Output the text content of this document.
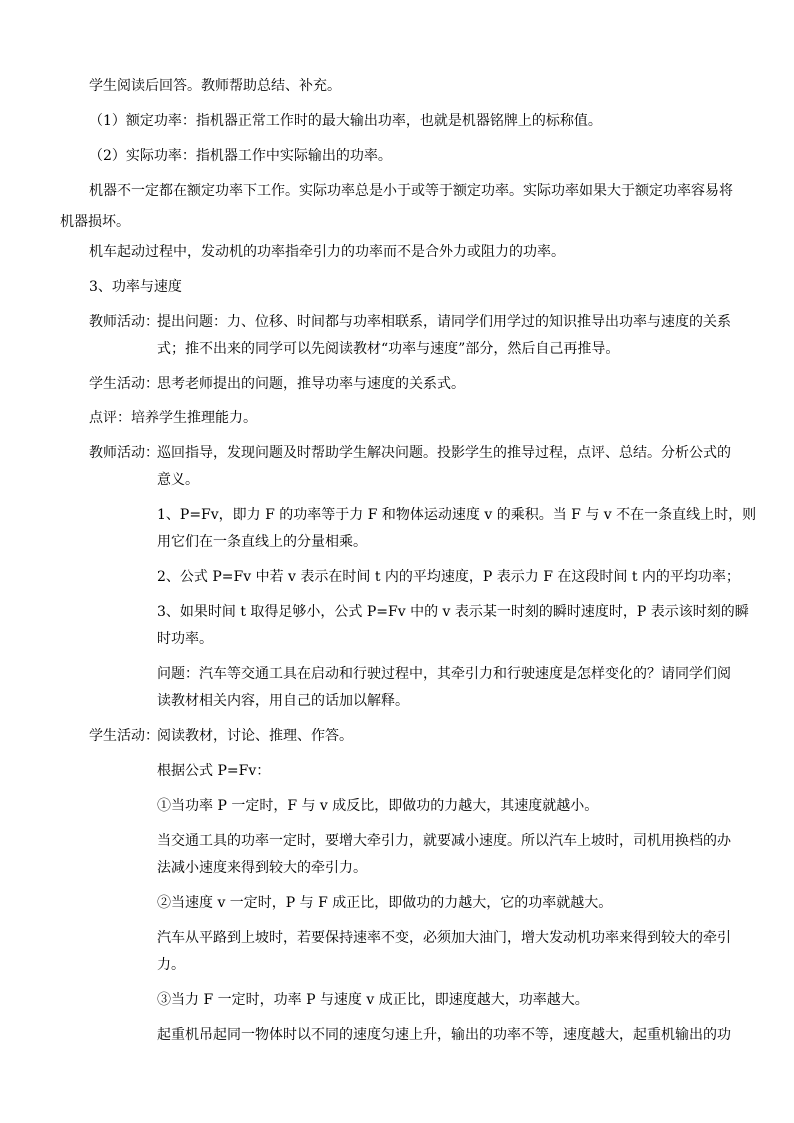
学生阅读后回答。教师帮助总结、补充。

（1）额定功率：指机器正常工作时的最大输出功率，也就是机器铭牌上的标称值。

（2）实际功率：指机器工作中实际输出的功率。

机器不一定都在额定功率下工作。实际功率总是小于或等于额定功率。实际功率如果大于额定功率容易将

机器损坏。

机车起动过程中，发动机的功率指牵引力的功率而不是合外力或阻力的功率。

3、功率与速度

教师活动：

提出问题：力、位移、时间都与功率相联系，请同学们用学过的知识推导出功率与速度的关系

式；推不出来的同学可以先阅读教材“功率与速度”部分，然后自己再推导。

学生活动：

思考老师提出的问题，推导功率与速度的关系式。

点评： 培养学生推理能力。

教师活动：

巡回指导，发现问题及时帮助学生解决问题。投影学生的推导过程，点评、总结。分析公式的

意义。

1、P=Fv，即力 F 的功率等于力 F 和物体运动速度 v 的乘积。当 F 与 v 不在一条直线上时，则

用它们在一条直线上的分量相乘。

2、公式 P=Fv 中若 v 表示在时间 t 内的平均速度，P 表示力 F 在这段时间 t 内的平均功率；

3、如果时间 t 取得足够小，公式 P=Fv 中的 v 表示某一时刻的瞬时速度时，P 表示该时刻的瞬

时功率。

问题：汽车等交通工具在启动和行驶过程中，其牵引力和行驶速度是怎样变化的？请同学们阅

读教材相关内容，用自己的话加以解释。

学生活动：

阅读教材，讨论、推理、作答。

根据公式 P=Fv：

①当功率 P 一定时，F 与 v 成反比，即做功的力越大，其速度就越小。

当交通工具的功率一定时，要增大牵引力，就要减小速度。所以汽车上坡时，司机用换档的办

法减小速度来得到较大的牵引力。

②当速度 v 一定时，P 与 F 成正比，即做功的力越大，它的功率就越大。

汽车从平路到上坡时，若要保持速率不变，必须加大油门，增大发动机功率来得到较大的牵引

力。

③当力 F 一定时，功率 P 与速度 v 成正比，即速度越大，功率越大。

起重机吊起同一物体时以不同的速度匀速上升，输出的功率不等，速度越大，起重机输出的功
